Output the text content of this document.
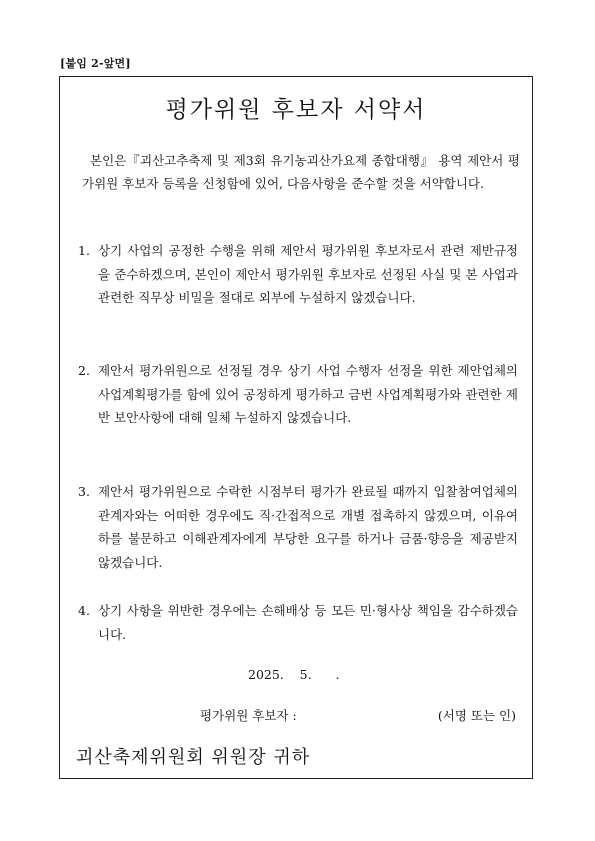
[붙임 2-앞면]
평가위원 후보자 서약서
본인은『괴산고추축제 및 제3회 유기농괴산가요제 종합대행』 용역 제안서 평가위원 후보자 등록을 신청함에 있어, 다음사항을 준수할 것을 서약합니다.
1. 상기 사업의 공정한 수행을 위해 제안서 평가위원 후보자로서 관련 제반규정을 준수하겠으며, 본인이 제안서 평가위원 후보자로 선정된 사실 및 본 사업과 관련한 직무상 비밀을 절대로 외부에 누설하지 않겠습니다.
2. 제안서 평가위원으로 선정될 경우 상기 사업 수행자 선정을 위한 제안업체의 사업계획평가를 함에 있어 공정하게 평가하고 금번 사업계획평가와 관련한 제반 보안사항에 대해 일체 누설하지 않겠습니다.
3. 제안서 평가위원으로 수락한 시점부터 평가가 완료될 때까지 입찰참여업체의 관계자와는 어떠한 경우에도 직·간접적으로 개별 접촉하지 않겠으며, 이유여하를 불문하고 이해관계자에게 부당한 요구를 하거나 금품·향응을 제공받지 않겠습니다.
4. 상기 사항을 위반한 경우에는 손해배상 등 모든 민·형사상 책임을 감수하겠습니다.
2025.    5.      .
평가위원 후보자 :	(서명 또는 인)
괴산축제위원회 위원장 귀하
